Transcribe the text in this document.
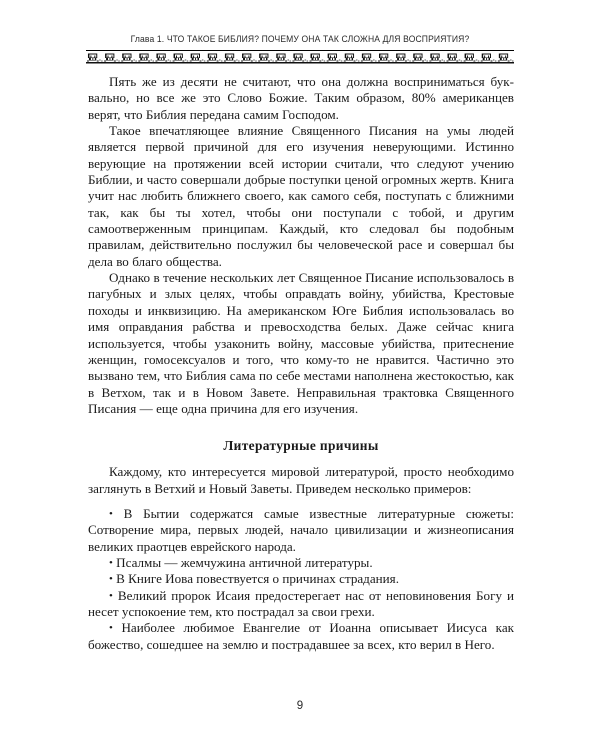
Глава 1. ЧТО ТАКОЕ БИБЛИЯ? ПОЧЕМУ ОНА ТАК СЛОЖНА ДЛЯ ВОСПРИЯТИЯ?

Пять же из десяти не считают, что она должна восприниматься буквально, но все же это Слово Божие. Таким образом, 80% американцев верят, что Библия передана самим Господом.

Такое впечатляющее влияние Священного Писания на умы людей является первой причиной для его изучения неверующими. Истинно верующие на протяжении всей истории считали, что следуют учению Библии, и часто совершали добрые поступки ценой огромных жертв. Книга учит нас любить ближнего своего, как самого себя, поступать с ближними так, как бы ты хотел, чтобы они поступали с тобой, и другим самоотверженным принципам. Каждый, кто следовал бы подобным правилам, действительно послужил бы человеческой расе и совершал бы дела во благо общества.

Однако в течение нескольких лет Священное Писание использовалось в пагубных и злых целях, чтобы оправдать войну, убийства, Крестовые походы и инквизицию. На американском Юге Библия использовалась во имя оправдания рабства и превосходства белых. Даже сейчас книга используется, чтобы узаконить войну, массовые убийства, притеснение женщин, гомосексуалов и того, что кому-то не нравится. Частично это вызвано тем, что Библия сама по себе местами наполнена жестокостью, как в Ветхом, так и в Новом Завете. Неправильная трактовка Священного Писания — еще одна причина для его изучения.

Литературные причины

Каждому, кто интересуется мировой литературой, просто необходимо заглянуть в Ветхий и Новый Заветы. Приведем несколько примеров:

• В Бытии содержатся самые известные литературные сюжеты: Сотворение мира, первых людей, начало цивилизации и жизнеописания великих праотцев еврейского народа.
• Псалмы — жемчужина античной литературы.
• В Книге Иова повествуется о причинах страдания.
• Великий пророк Исаия предостерегает нас от неповиновения Богу и несет успокоение тем, кто пострадал за свои грехи.
• Наиболее любимое Евангелие от Иоанна описывает Иисуса как божество, сошедшее на землю и пострадавшее за всех, кто верил в Него.
9
